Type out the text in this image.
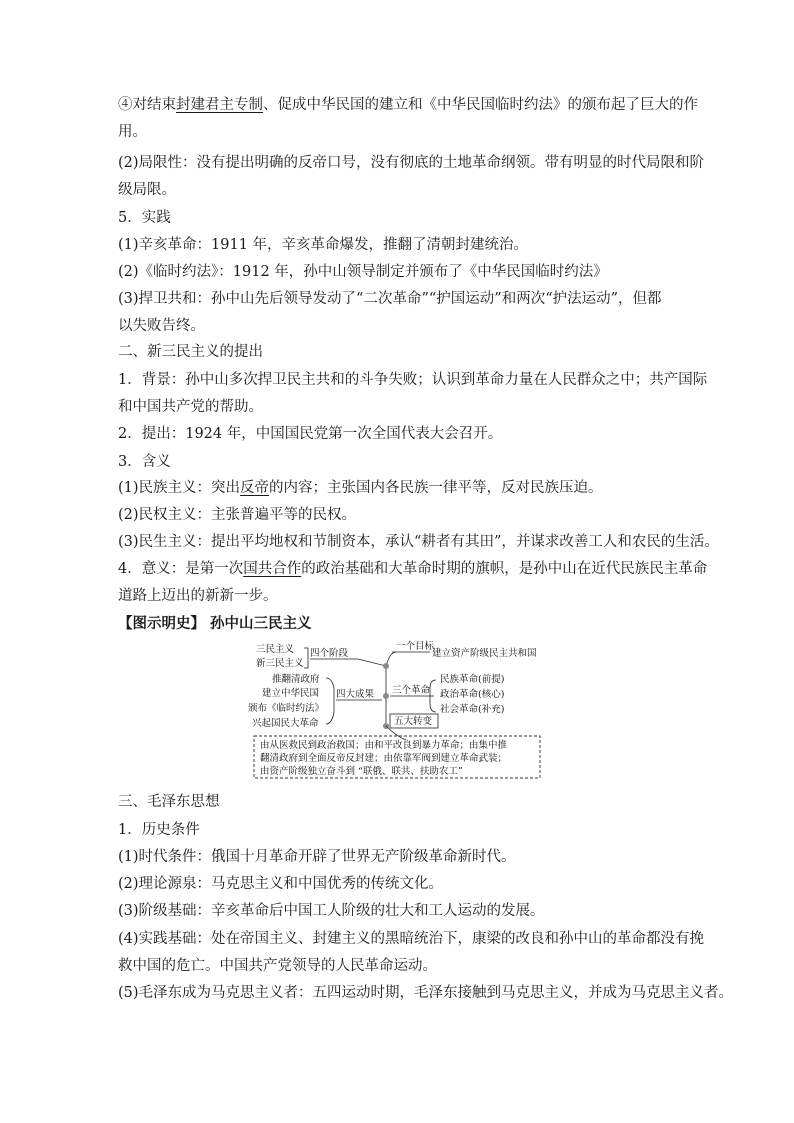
④对结束封建君主专制、促成中华民国的建立和《中华民国临时约法》的颁布起了巨大的作
用。
(2)局限性：没有提出明确的反帝口号，没有彻底的土地革命纲领。带有明显的时代局限和阶
级局限。
5．实践
(1)辛亥革命：1911 年，辛亥革命爆发，推翻了清朝封建统治。
(2)《临时约法》：1912 年，孙中山领导制定并颁布了《中华民国临时约法》
(3)捍卫共和：孙中山先后领导发动了“二次革命”“护国运动”和两次“护法运动”，但都
以失败告终。
二、新三民主义的提出
1．背景：孙中山多次捍卫民主共和的斗争失败；认识到革命力量在人民群众之中；共产国际
和中国共产党的帮助。
2．提出：1924 年，中国国民党第一次全国代表大会召开。
3．含义
(1)民族主义：突出反帝的内容；主张国内各民族一律平等，反对民族压迫。
(2)民权主义：主张普遍平等的民权。
(3)民生主义：提出平均地权和节制资本，承认“耕者有其田”，并谋求改善工人和农民的生活。
4．意义：是第一次国共合作的政治基础和大革命时期的旗帜，是孙中山在近代民族民主革命
道路上迈出的新新一步。
【图示明史】 孙中山三民主义
三民主义
新三民主义
四个阶段
一个目标
建立资产阶级民主共和国
推翻清政府
建立中华民国
颁布《临时约法》
兴起国民大革命
四大成果 三个革命
民族革命(前提)
政治革命(核心)
社会革命(补充)
五大转变
由从医救民到政治救国；由和平改良到暴力革命；由集中推
翻清政府到全面反帝反封建；由依靠军阀到建立革命武装；
由资产阶级独立奋斗到 “联俄、联共、扶助农工”
三、毛泽东思想
1．历史条件
(1)时代条件：俄国十月革命开辟了世界无产阶级革命新时代。
(2)理论源泉：马克思主义和中国优秀的传统文化。
(3)阶级基础：辛亥革命后中国工人阶级的壮大和工人运动的发展。
(4)实践基础：处在帝国主义、封建主义的黑暗统治下，康梁的改良和孙中山的革命都没有挽
救中国的危亡。中国共产党领导的人民革命运动。
(5)毛泽东成为马克思主义者：五四运动时期，毛泽东接触到马克思主义，并成为马克思主义者。
